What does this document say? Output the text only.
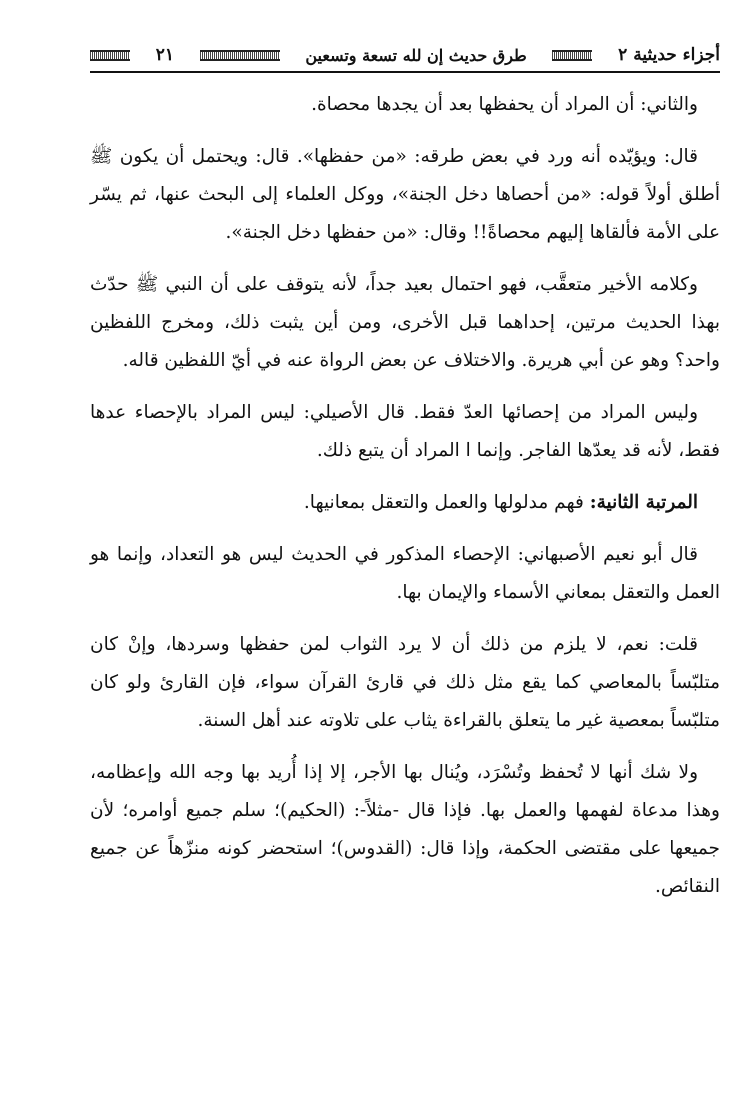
أجزاء حديثية ٢
طرق حديث إن لله تسعة وتسعين
٢١

والثاني: أن المراد أن يحفظها بعد أن يجدها محصاة.

قال: ويؤيّده أنه ورد في بعض طرقه: «من حفظها». قال: ويحتمل أن يكون ﷺ أطلق أولاً قوله: «من أحصاها دخل الجنة»، ووكل العلماء إلى البحث عنها، ثم يسّر على الأمة فألقاها إليهم محصاةً!! وقال: «من حفظها دخل الجنة».

وكلامه الأخير متعقَّب، فهو احتمال بعيد جداً، لأنه يتوقف على أن النبي ﷺ حدّث بهذا الحديث مرتين، إحداهما قبل الأخرى، ومن أين يثبت ذلك، ومخرج اللفظين واحد؟ وهو عن أبي هريرة. والاختلاف عن بعض الرواة عنه في أيّ اللفظين قاله.

وليس المراد من إحصائها العدّ فقط. قال الأصيلي: ليس المراد بالإحصاء عدها فقط، لأنه قد يعدّها الفاجر. وإنما ا المراد أن يتبع ذلك.

المرتبة الثانية: فهم مدلولها والعمل والتعقل بمعانيها.

قال أبو نعيم الأصبهاني: الإحصاء المذكور في الحديث ليس هو التعداد، وإنما هو العمل والتعقل بمعاني الأسماء والإيمان بها.

قلت: نعم، لا يلزم من ذلك أن لا يرد الثواب لمن حفظها وسردها، وإنْ كان متلبّساً بالمعاصي كما يقع مثل ذلك في قارئ القرآن سواء، فإن القارئ ولو كان متلبّساً بمعصية غير ما يتعلق بالقراءة يثاب على تلاوته عند أهل السنة.

ولا شك أنها لا تُحفظ وتُسْرَد، ويُنال بها الأجر، إلا إذا أُريد بها وجه الله وإعظامه، وهذا مدعاة لفهمها والعمل بها. فإذا قال -مثلاً-: (الحكيم)؛ سلم جميع أوامره؛ لأن جميعها على مقتضى الحكمة، وإذا قال: (القدوس)؛ استحضر كونه منزّهاً عن جميع النقائص.
